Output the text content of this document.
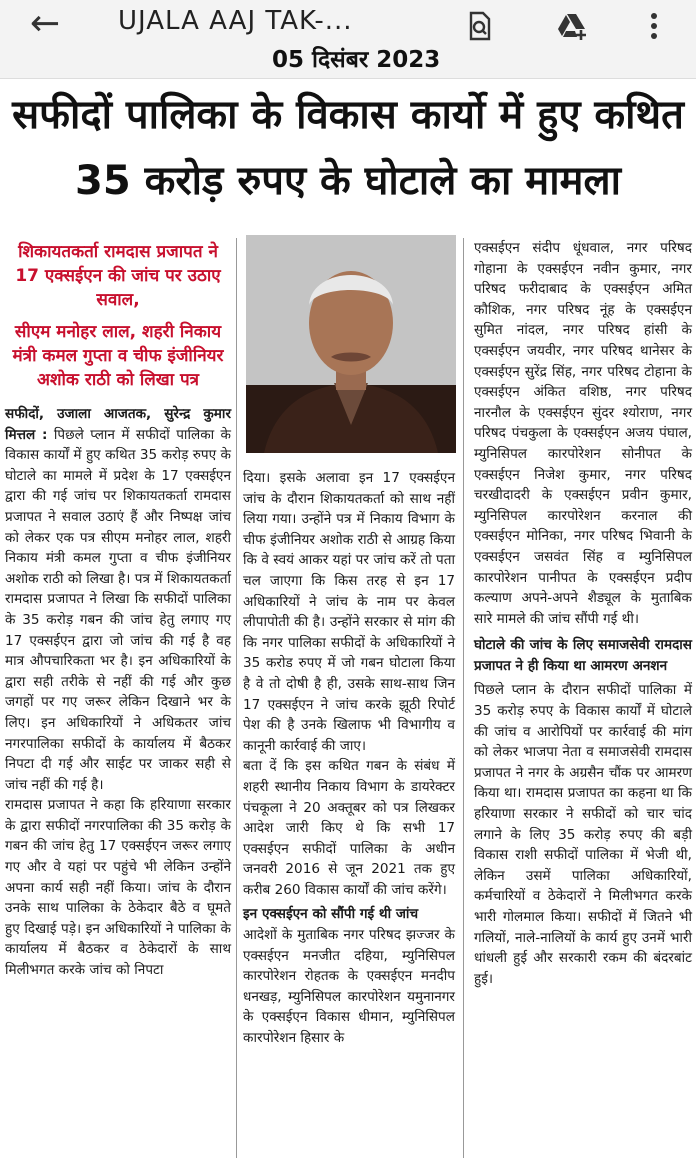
← UJALA AAJ TAK-...
05 दिसंबर 2023
सफीदों पालिका के विकास कार्यो में हुए कथित
35 करोड़ रुपए के घोटाले का मामला

शिकायतकर्ता रामदास प्रजापत ने 17 एक्सईएन की जांच पर उठाए सवाल,

सीएम मनोहर लाल, शहरी निकाय मंत्री कमल गुप्ता व चीफ इंजीनियर अशोक राठी को लिखा पत्र

सफीदों, उजाला आजतक, सुरेन्द्र कुमार मित्तल : पिछले प्लान में सफीदों पालिका के विकास कार्यों में हुए कथित 35 करोड़ रुपए के घोटाले का मामले में प्रदेश के 17 एक्सईएन द्वारा की गई जांच पर शिकायतकर्ता रामदास प्रजापत ने सवाल उठाएं हैं और निष्पक्ष जांच को लेकर एक पत्र सीएम मनोहर लाल, शहरी निकाय मंत्री कमल गुप्ता व चीफ इंजीनियर अशोक राठी को लिखा है। पत्र में शिकायतकर्ता रामदास प्रजापत ने लिखा कि सफीदों पालिका के 35 करोड़ गबन की जांच हेतु लगाए गए 17 एक्सईएन द्वारा जो जांच की गई है वह मात्र औपचारिकता भर है। इन अधिकारियों के द्वारा सही तरीके से नहीं की गई और कुछ जगहों पर गए जरूर लेकिन दिखाने भर के लिए। इन अधिकारियों ने अधिकतर जांच नगरपालिका सफीदों के कार्यालय में बैठकर निपटा दी गई और साईट पर जाकर सही से जांच नहीं की गई है।

रामदास प्रजापत ने कहा कि हरियाणा सरकार के द्वारा सफीदों नगरपालिका की 35 करोड़ के गबन की जांच हेतु 17 एक्सईएन जरूर लगाए गए और वे यहां पर पहुंचे भी लेकिन उन्होंने अपना कार्य सही नहीं किया। जांच के दौरान उनके साथ पालिका के ठेकेदार बैठे व घूमते हुए दिखाई पड़े। इन अधिकारियों ने पालिका के कार्यालय में बैठकर व ठेकेदारों के साथ मिलीभगत करके जांच को निपटा

दिया। इसके अलावा इन 17 एक्सईएन जांच के दौरान शिकायतकर्ता को साथ नहीं लिया गया। उन्होंने पत्र में निकाय विभाग के चीफ इंजीनियर अशोक राठी से आग्रह किया कि वे स्वयं आकर यहां पर जांच करें तो पता चल जाएगा कि किस तरह से इन 17 अधिकारियों ने जांच के नाम पर केवल लीपापोती की है। उन्होंने सरकार से मांग की कि नगर पालिका सफीदों के अधिकारियों ने 35 करोड रुपए में जो गबन घोटाला किया है वे तो दोषी है ही, उसके साथ-साथ जिन 17 एक्सईएन ने जांच करके झूठी रिपोर्ट पेश की है उनके खिलाफ भी विभागीय व कानूनी कार्रवाई की जाए।

बता दें कि इस कथित गबन के संबंध में शहरी स्थानीय निकाय विभाग के डायरेक्टर पंचकूला ने 20 अक्तूबर को पत्र लिखकर आदेश जारी किए थे कि सभी 17 एक्सईएन सफीदों पालिका के अधीन जनवरी 2016 से जून 2021 तक हुए करीब 260 विकास कार्यों की जांच करेंगे।

इन एक्सईएन को सौंपी गई थी जांच

आदेशों के मुताबिक नगर परिषद झज्जर के एक्सईएन मनजीत दहिया, म्युनिसिपल कारपोरेशन रोहतक के एक्सईएन मनदीप धनखड़, म्युनिसिपल कारपोरेशन यमुनानगर के एक्सईएन विकास धीमान, म्युनिसिपल कारपोरेशन हिसार के

एक्सईएन संदीप धूंधवाल, नगर परिषद गोहाना के एक्सईएन नवीन कुमार, नगर परिषद फरीदाबाद के एक्सईएन अमित कौशिक, नगर परिषद नूंह के एक्सईएन सुमित नांदल, नगर परिषद हांसी के एक्सईएन जयवीर, नगर परिषद थानेसर के एक्सईएन सुरेंद्र सिंह, नगर परिषद टोहाना के एक्सईएन अंकित वशिष्ठ, नगर परिषद नारनौल के एक्सईएन सुंदर श्योराण, नगर परिषद पंचकुला के एक्सईएन अजय पंघाल, म्युनिसिपल कारपोरेशन सोनीपत के एक्सईएन निजेश कुमार, नगर परिषद चरखीदादरी के एक्सईएन प्रवीन कुमार, म्युनिसिपल कारपोरेशन करनाल की एक्सईएन मोनिका, नगर परिषद भिवानी के एक्सईएन जसवंत सिंह व म्युनिसिपल कारपोरेशन पानीपत के एक्सईएन प्रदीप कल्याण अपने-अपने शैड्यूल के मुताबिक सारे मामले की जांच सौंपी गई थी।

घोटाले की जांच के लिए समाजसेवी रामदास प्रजापत ने ही किया था आमरण अनशन

पिछले प्लान के दौरान सफीदों पालिका में 35 करोड़ रुपए के विकास कार्यों में घोटाले की जांच व आरोपियों पर कार्रवाई की मांग को लेकर भाजपा नेता व समाजसेवी रामदास प्रजापत ने नगर के अग्रसैन चौंक पर आमरण किया था। रामदास प्रजापत का कहना था कि हरियाणा सरकार ने सफीदों को चार चांद लगाने के लिए 35 करोड़ रुपए की बड़ी विकास राशी सफीदों पालिका में भेजी थी, लेकिन उसमें पालिका अधिकारियों, कर्मचारियों व ठेकेदारों ने मिलीभगत करके भारी गोलमाल किया। सफीदों में जितने भी गलियों, नाले-नालियों के कार्य हुए उनमें भारी धांधली हुई और सरकारी रकम की बंदरबांट हुई।
